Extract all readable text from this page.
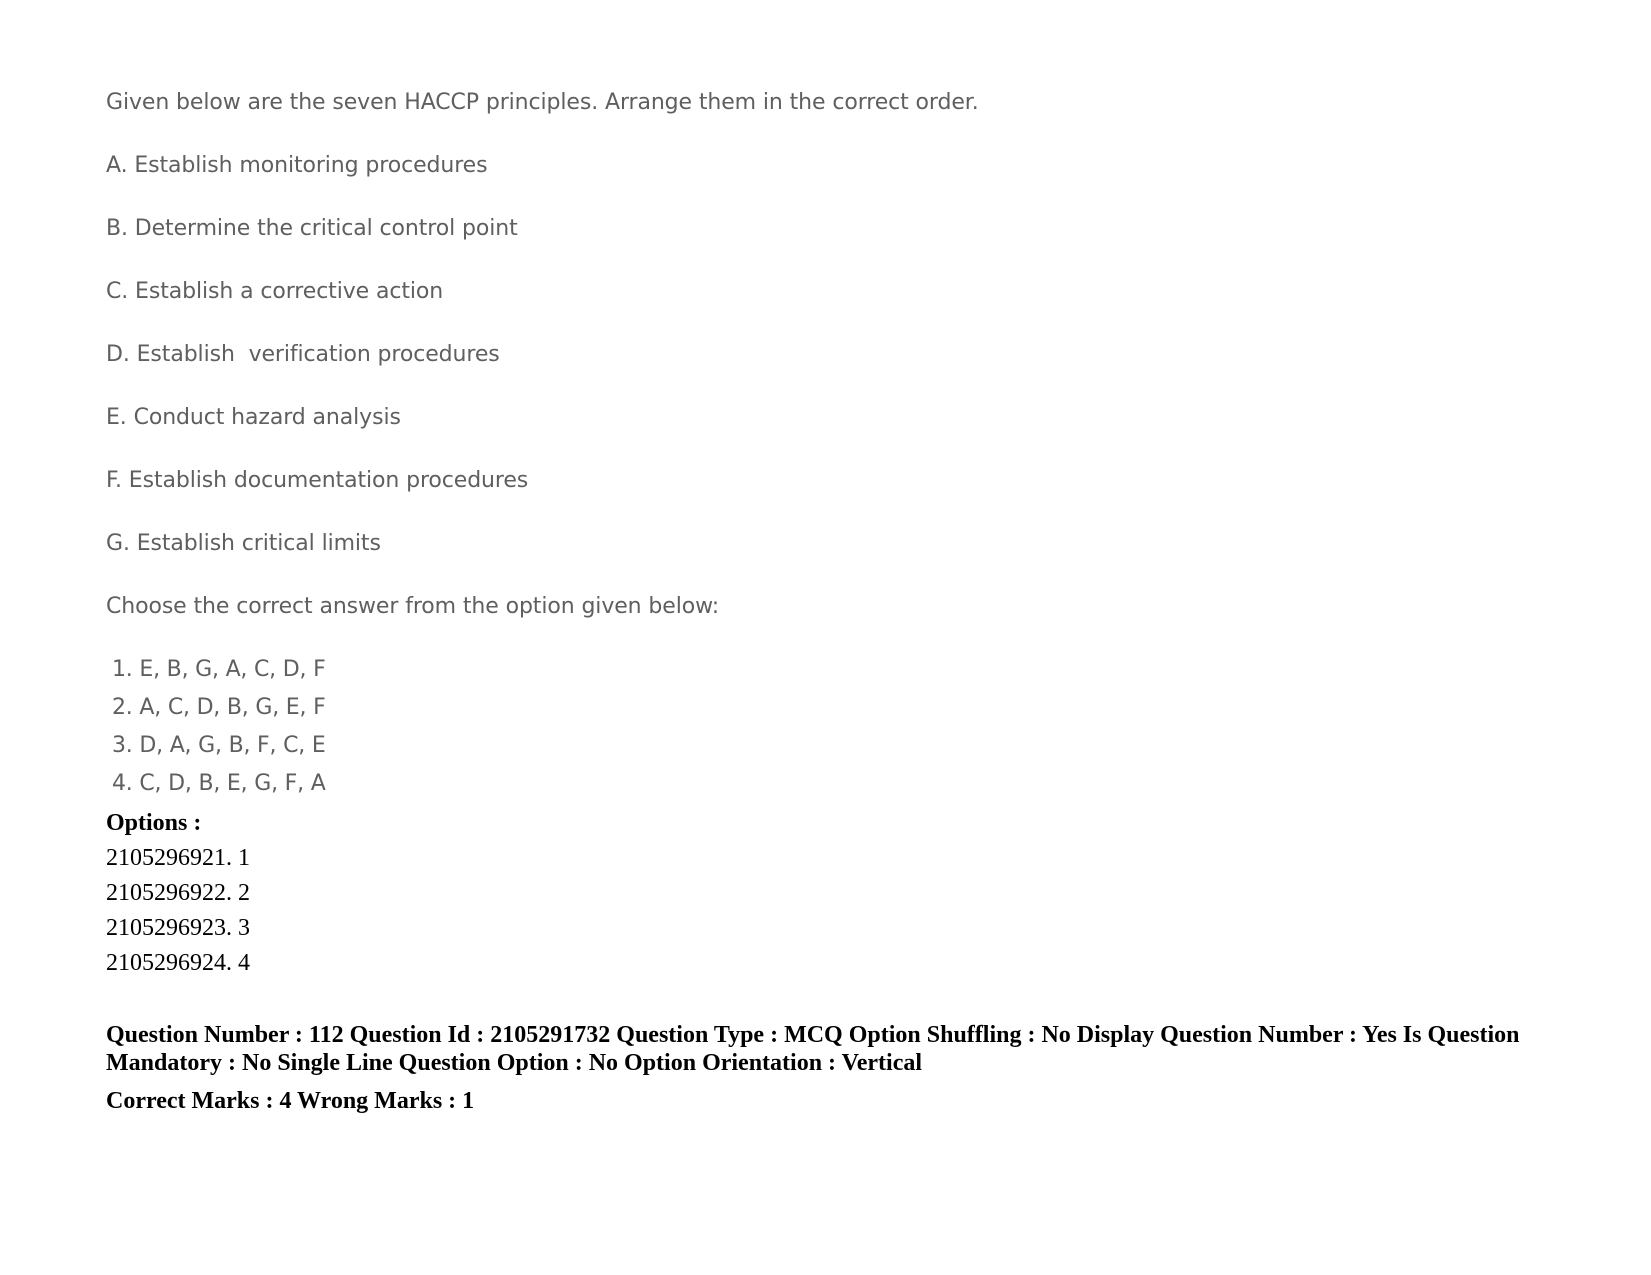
Given below are the seven HACCP principles. Arrange them in the correct order.

A. Establish monitoring procedures

B. Determine the critical control point

C. Establish a corrective action

D. Establish  verification procedures

E. Conduct hazard analysis

F. Establish documentation procedures

G. Establish critical limits

Choose the correct answer from the option given below:

1. E, B, G, A, C, D, F

2. A, C, D, B, G, E, F

3. D, A, G, B, F, C, E

4. C, D, B, E, G, F, A

Options :

2105296921. 1

2105296922. 2

2105296923. 3

2105296924. 4

Question Number : 112 Question Id : 2105291732 Question Type : MCQ Option Shuffling : No Display Question Number : Yes Is Question Mandatory : No Single Line Question Option : No Option Orientation : Vertical

Correct Marks : 4 Wrong Marks : 1
